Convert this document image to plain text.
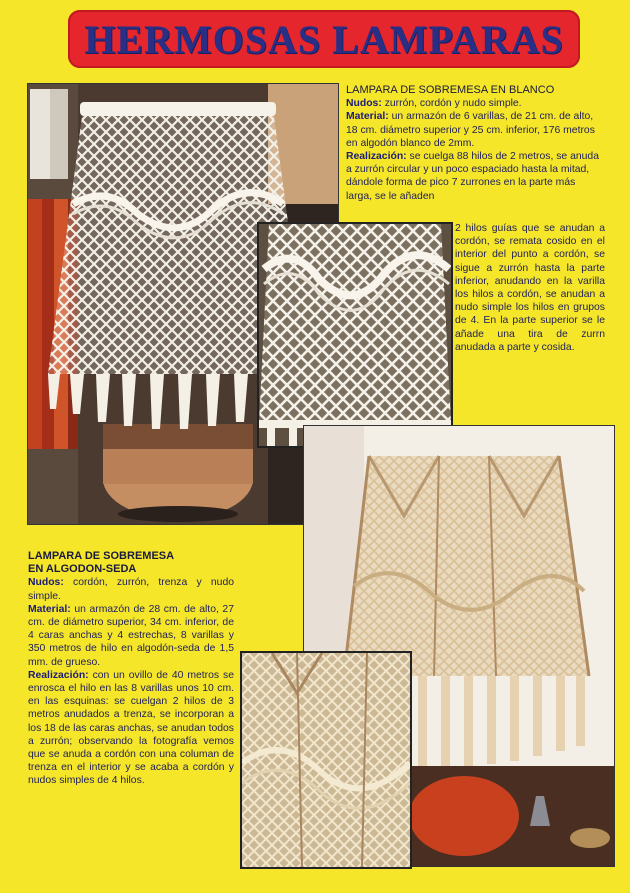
HERMOSAS LAMPARAS
LAMPARA DE SOBREMESA EN BLANCO
Nudos: zurrón, cordón y nudo simple.
Material: un armazón de 6 varillas, de 21 cm. de alto, 18 cm. diámetro superior y 25 cm. inferior, 176 metros en algodón blanco de 2mm.
Realización: se cuelga 88 hilos de 2 metros, se anuda a zurrón circular y un poco espaciado hasta la mitad, dándole forma de pico 7 zurrones en la parte más larga, se le añaden
2 hilos guías que se anudan a cordón, se remata cosido en el interior del punto a cordón, se sigue a zurrón hasta la parte inferior, anudando en la varilla los hilos a cordón, se anudan a nudo simple los hilos en grupos de 4. En la parte superior se le añade una tira de zurrn anudada a parte y cosida.
LAMPARA DE SOBREMESA
EN ALGODON-SEDA
Nudos: cordón, zurrón, trenza y nudo simple.
Material: un armazón de 28 cm. de alto, 27 cm. de diámetro superior, 34 cm. inferior, de 4 caras anchas y 4 estrechas, 8 varillas y 350 metros de hilo en algodón-seda de 1,5 mm. de grueso.
Realización: con un ovillo de 40 metros se enrosca el hilo en las 8 varillas unos 10 cm. en las esquinas: se cuelgan 2 hilos de 3 metros anudados a trenza, se incorporan a los 18 de las caras anchas, se anudan todos a zurrón; observando la fotografía vemos que se anuda a cordón con una columan de trenza en el interior y se acaba a cordón y nudos simples de 4 hilos.
